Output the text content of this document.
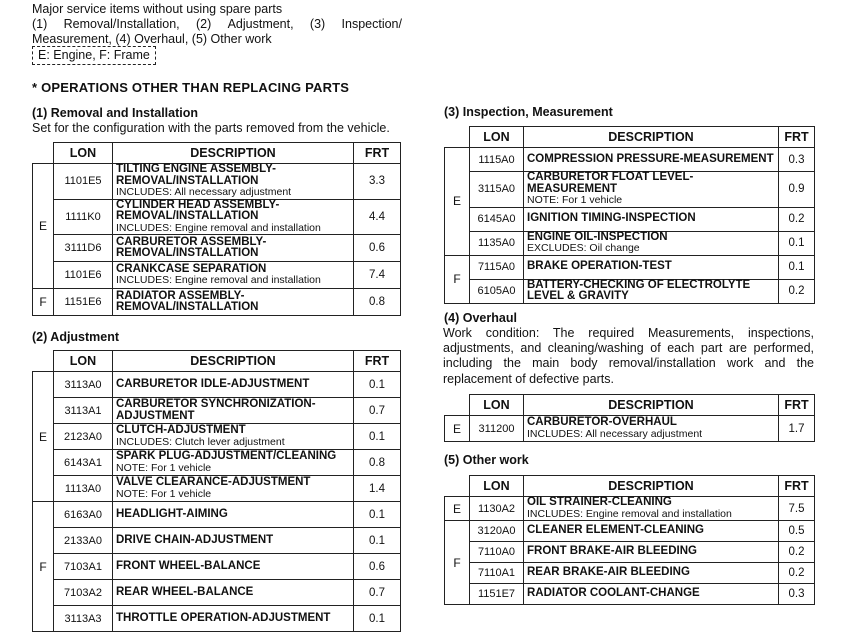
Major service items without using spare parts
(1) Removal/Installation, (2) Adjustment, (3) Inspection/
Measurement, (4) Overhaul, (5) Other work
E: Engine, F: Frame
* OPERATIONS OTHER THAN REPLACING PARTS
(1) Removal and Installation
Set for the configuration with the parts removed from the vehicle.
	LON	DESCRIPTION	FRT
E	1101E5	TILTING ENGINE ASSEMBLY-REMOVAL/INSTALLATION
INCLUDES: All necessary adjustment	3.3
	1111K0	CYLINDER HEAD ASSEMBLY-REMOVAL/INSTALLATION
INCLUDES: Engine removal and installation	4.4
	3111D6	CARBURETOR ASSEMBLY-REMOVAL/INSTALLATION	0.6
	1101E6	CRANKCASE SEPARATION
INCLUDES: Engine removal and installation	7.4
F	1151E6	RADIATOR ASSEMBLY-REMOVAL/INSTALLATION	0.8
(2) Adjustment
	LON	DESCRIPTION	FRT
E	3113A0	CARBURETOR IDLE-ADJUSTMENT	0.1
	3113A1	CARBURETOR SYNCHRONIZATION-ADJUSTMENT	0.7
	2123A0	CLUTCH-ADJUSTMENT
INCLUDES: Clutch lever adjustment	0.1
	6143A1	SPARK PLUG-ADJUSTMENT/CLEANING
NOTE: For 1 vehicle	0.8
	1113A0	VALVE CLEARANCE-ADJUSTMENT
NOTE: For 1 vehicle	1.4
F	6163A0	HEADLIGHT-AIMING	0.1
	2133A0	DRIVE CHAIN-ADJUSTMENT	0.1
	7103A1	FRONT WHEEL-BALANCE	0.6
	7103A2	REAR WHEEL-BALANCE	0.7
	3113A3	THROTTLE OPERATION-ADJUSTMENT	0.1
(3) Inspection, Measurement
	LON	DESCRIPTION	FRT
E	1115A0	COMPRESSION PRESSURE-MEASUREMENT	0.3
	3115A0	CARBURETOR FLOAT LEVEL-MEASUREMENT
NOTE: For 1 vehicle	0.9
	6145A0	IGNITION TIMING-INSPECTION	0.2
	1135A0	ENGINE OIL-INSPECTION
EXCLUDES: Oil change	0.1
F	7115A0	BRAKE OPERATION-TEST	0.1
	6105A0	BATTERY-CHECKING OF ELECTROLYTE LEVEL & GRAVITY	0.2
(4) Overhaul
Work condition: The required Measurements, inspections, adjustments, and cleaning/washing of each part are performed, including the main body removal/installation work and the replacement of defective parts.
	LON	DESCRIPTION	FRT
E	311200	CARBURETOR-OVERHAUL
INCLUDES: All necessary adjustment	1.7
(5) Other work
	LON	DESCRIPTION	FRT
E	1130A2	OIL STRAINER-CLEANING
INCLUDES: Engine removal and installation	7.5
F	3120A0	CLEANER ELEMENT-CLEANING	0.5
	7110A0	FRONT BRAKE-AIR BLEEDING	0.2
	7110A1	REAR BRAKE-AIR BLEEDING	0.2
	1151E7	RADIATOR COOLANT-CHANGE	0.3
